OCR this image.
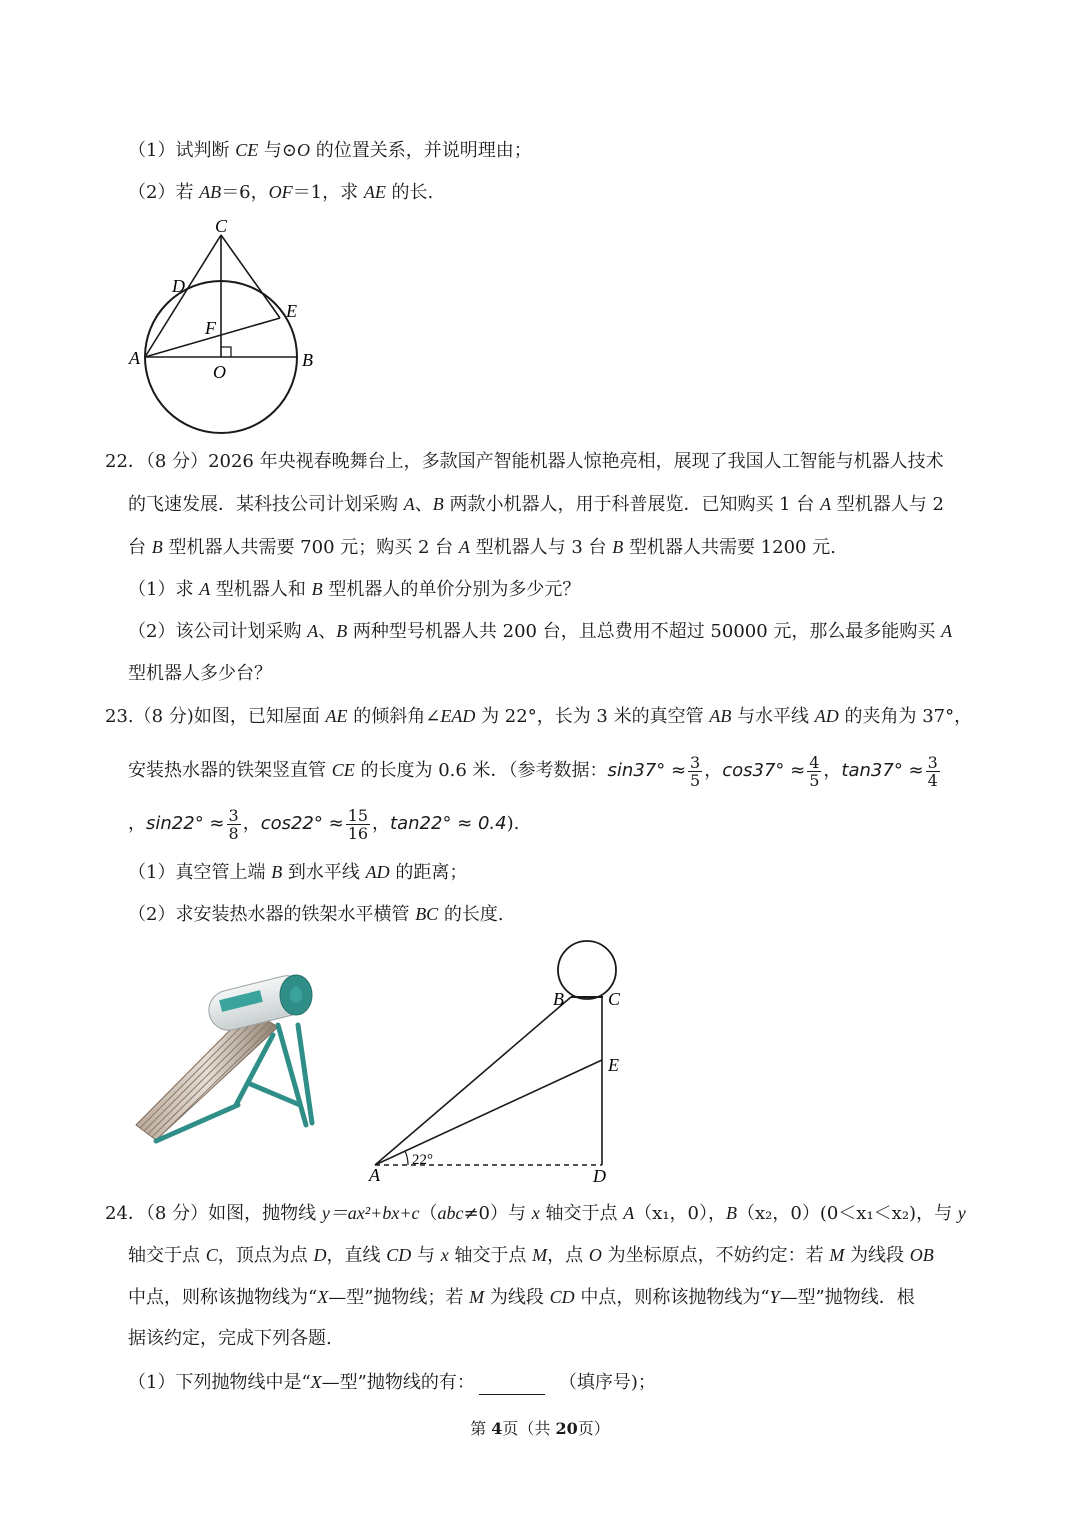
（1）试判断 CE 与⊙O 的位置关系，并说明理由；
（2）若 AB＝6，OF＝1，求 AE 的长.
C
D
E
F
A
O
B
22．（8 分）2026 年央视春晚舞台上，多款国产智能机器人惊艳亮相，展现了我国人工智能与机器人技术
的飞速发展．某科技公司计划采购 A、B 两款小机器人，用于科普展览．已知购买 1 台 A 型机器人与 2
台 B 型机器人共需要 700 元；购买 2 台 A 型机器人与 3 台 B 型机器人共需要 1200 元.
（1）求 A 型机器人和 B 型机器人的单价分别为多少元？
（2）该公司计划采购 A、B 两种型号机器人共 200 台，且总费用不超过 50000 元，那么最多能购买 A
型机器人多少台？
23.（8 分)如图，已知屋面 AE 的倾斜角∠EAD 为 22°，长为 3 米的真空管 AB 与水平线 AD 的夹角为 37°，
安装热水器的铁架竖直管 CE 的长度为 0.6 米．（参考数据：$\sin 37^\circ \approx \frac{3}{5}$ ，$\cos 37^\circ \approx \frac{4}{5}$ ，$\tan 37^\circ \approx \frac{3}{4}$
，$\sin 22^\circ \approx \frac{3}{8}$ ，$\cos 22^\circ \approx \frac{15}{16}$ ，tan22° ≈ 0.4).
（1）真空管上端 B 到水平线 AD 的距离；
（2）求安装热水器的铁架水平横管 BC 的长度.
A
B C
E
D
22°
24．（8 分）如图，抛物线 y＝ax²+bx+c（abc≠0）与 x 轴交于点 A（x₁，0），B（x₂，0）(0＜x₁＜x₂)，与 y
轴交于点 C，顶点为点 D，直线 CD 与 x 轴交于点 M，点 O 为坐标原点，不妨约定：若 M 为线段 OB
中点，则称该抛物线为“X—型”抛物线；若 M 为线段 CD 中点，则称该抛物线为“Y—型”抛物线．根
据该约定，完成下列各题.
（1）下列抛物线中是“X—型”抛物线的有：	（填序号)；
第 4页（共 20页）
